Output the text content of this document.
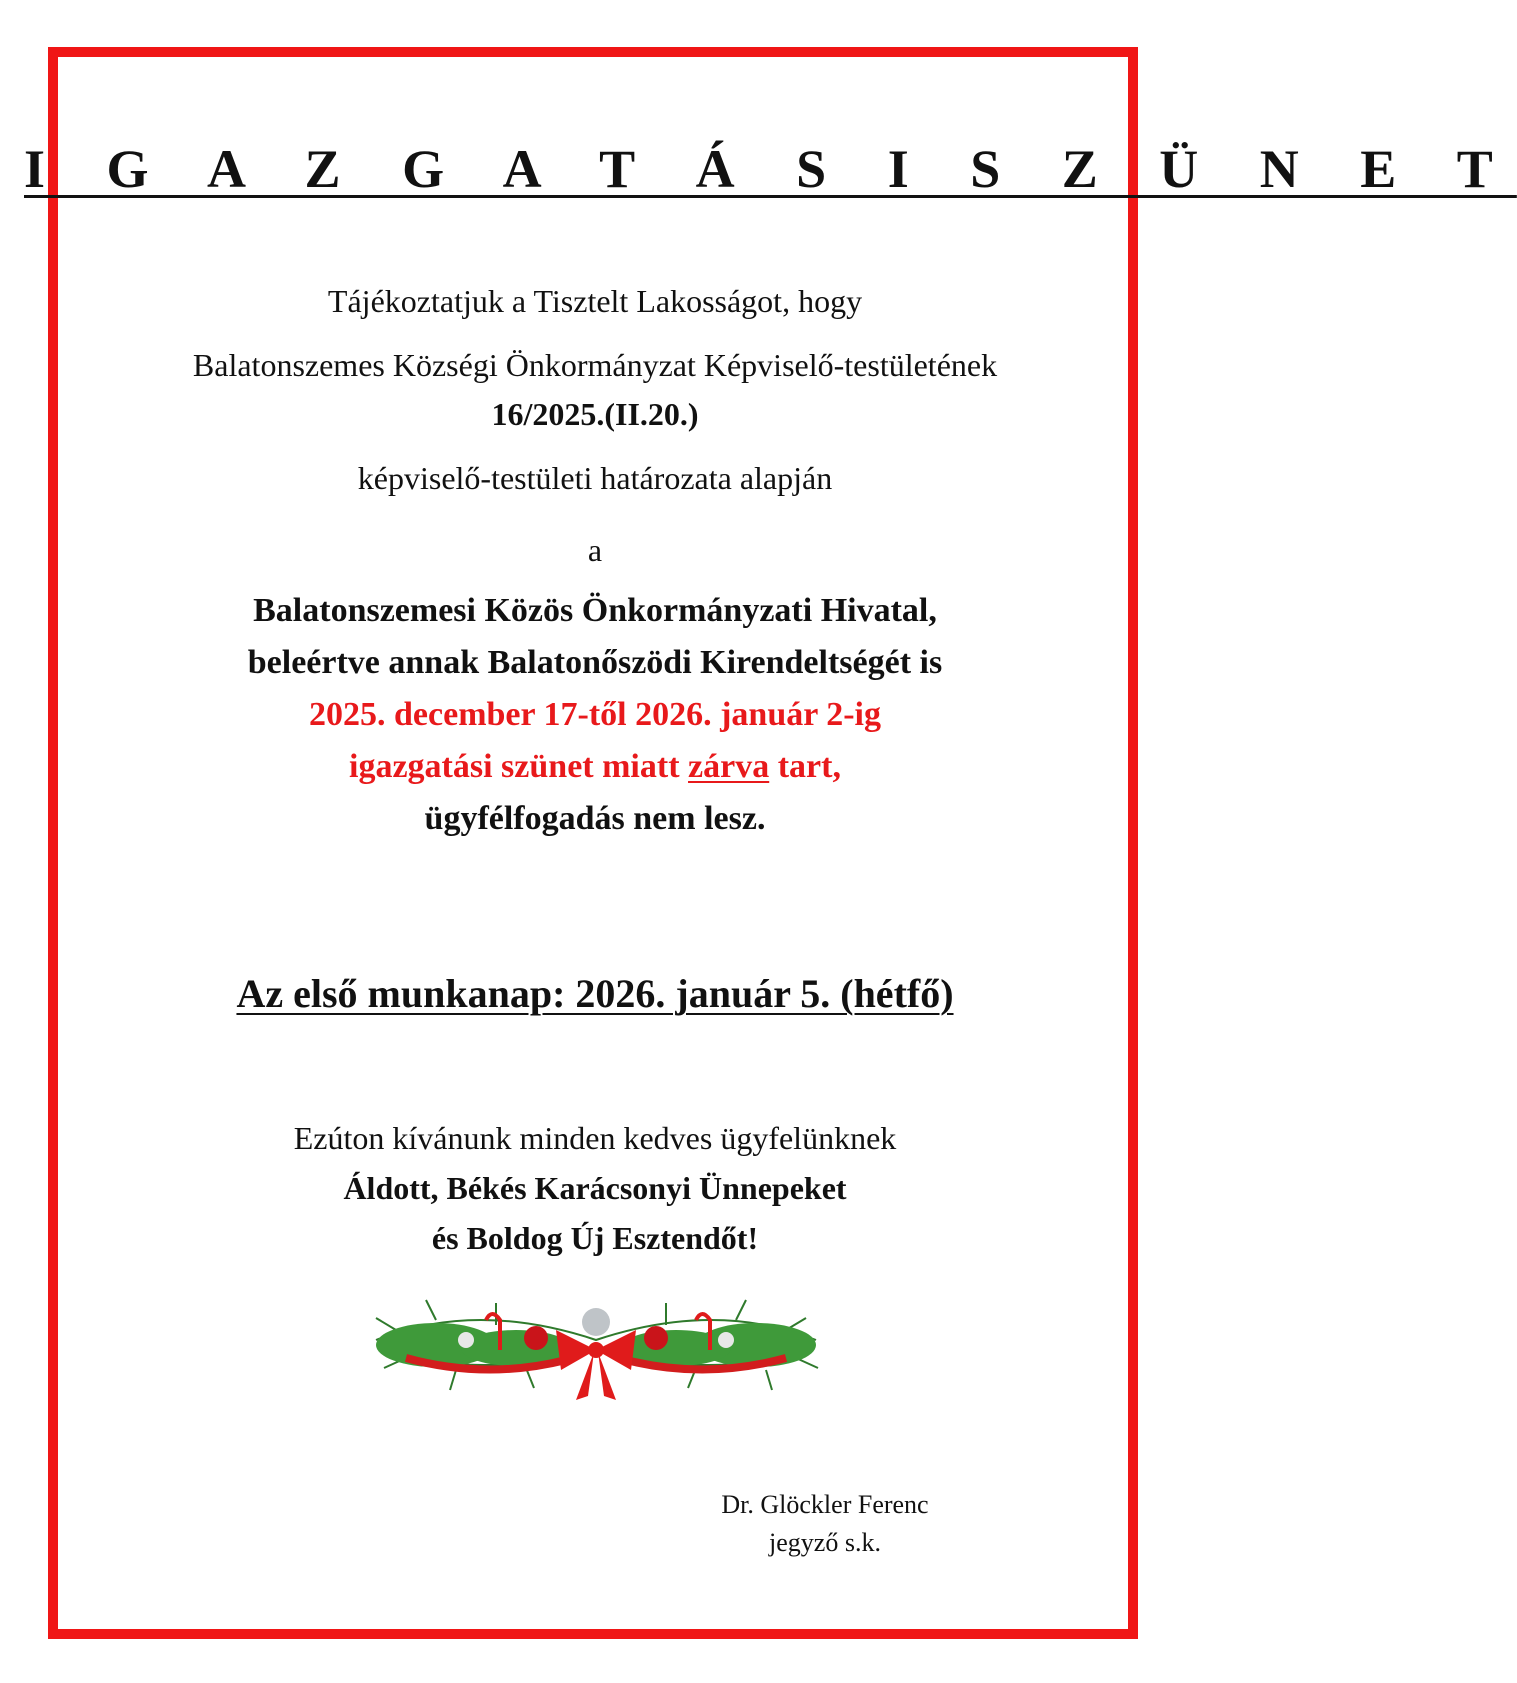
I G A Z G A T Á S I S Z Ü N E T
Tájékoztatjuk a Tisztelt Lakosságot, hogy
Balatonszemes Községi Önkormányzat Képviselő-testületének
16/2025.(II.20.)
képviselő-testületi határozata alapján
a
Balatonszemesi Közös Önkormányzati Hivatal,
beleértve annak Balatonőszödi Kirendeltségét is
2025. december 17-től 2026. január 2-ig
igazgatási szünet miatt zárva tart,
ügyfélfogadás nem lesz.
Az első munkanap: 2026. január 5. (hétfő)
Ezúton kívánunk minden kedves ügyfelünknek
Áldott, Békés Karácsonyi Ünnepeket
és Boldog Új Esztendőt!
Dr. Glöckler Ferenc
jegyző s.k.
